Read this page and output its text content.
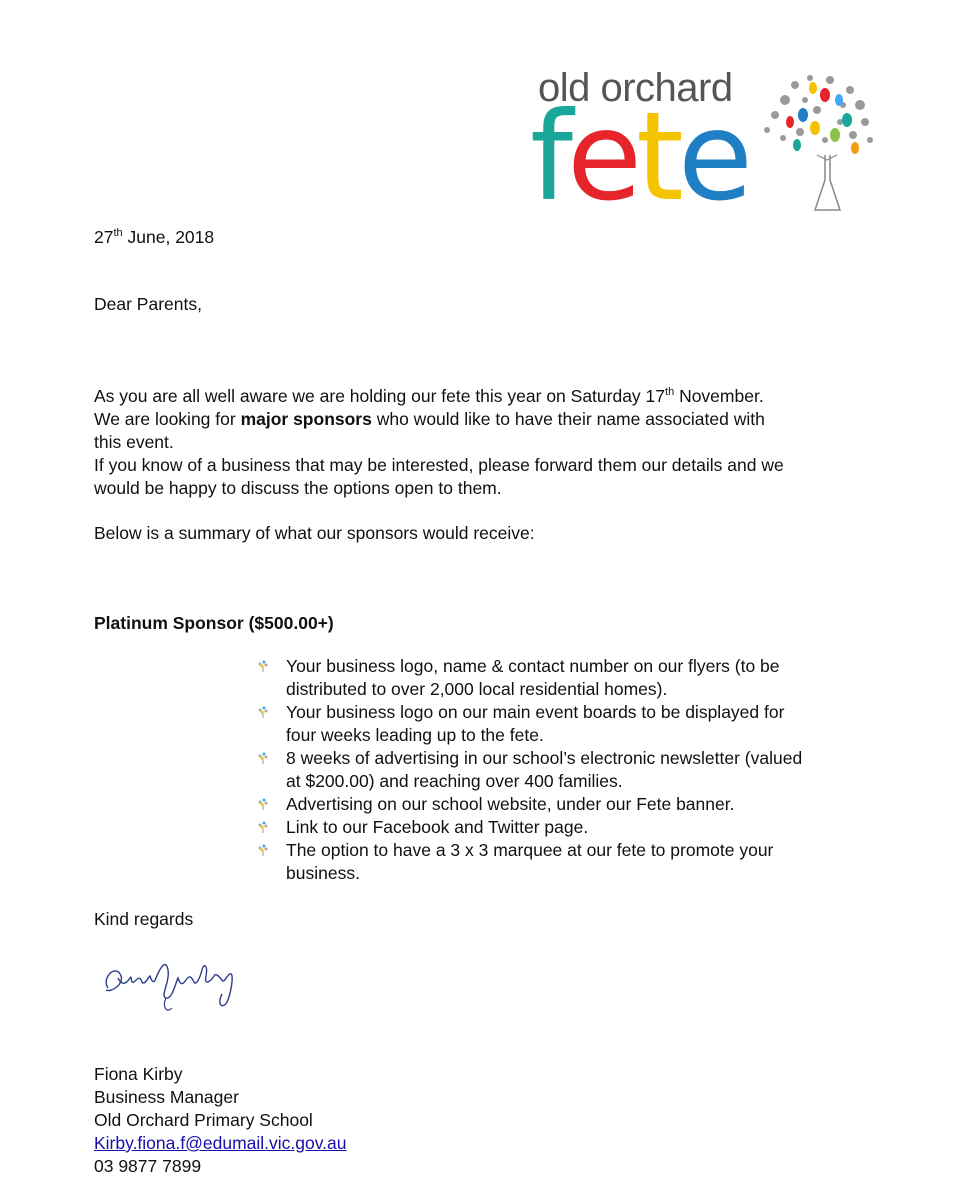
old orchard
fete
27th June, 2018
Dear Parents,
As you are all well aware we are holding our fete this year on Saturday 17th November.
We are looking for major sponsors who would like to have their name associated with
this event.
If you know of a business that may be interested, please forward them our details and we
would be happy to discuss the options open to them.
Below is a summary of what our sponsors would receive:
Platinum Sponsor ($500.00+)
Your business logo, name & contact number on our flyers (to be
distributed to over 2,000 local residential homes).
Your business logo on our main event boards to be displayed for
four weeks leading up to the fete.
8 weeks of advertising in our school’s electronic newsletter (valued
at $200.00) and reaching over 400 families.
Advertising on our school website, under our Fete banner.
Link to our Facebook and Twitter page.
The option to have a 3 x 3 marquee at our fete to promote your
business.
Kind regards
Fiona Kirby
Business Manager
Old Orchard Primary School
Kirby.fiona.f@edumail.vic.gov.au
03 9877 7899
